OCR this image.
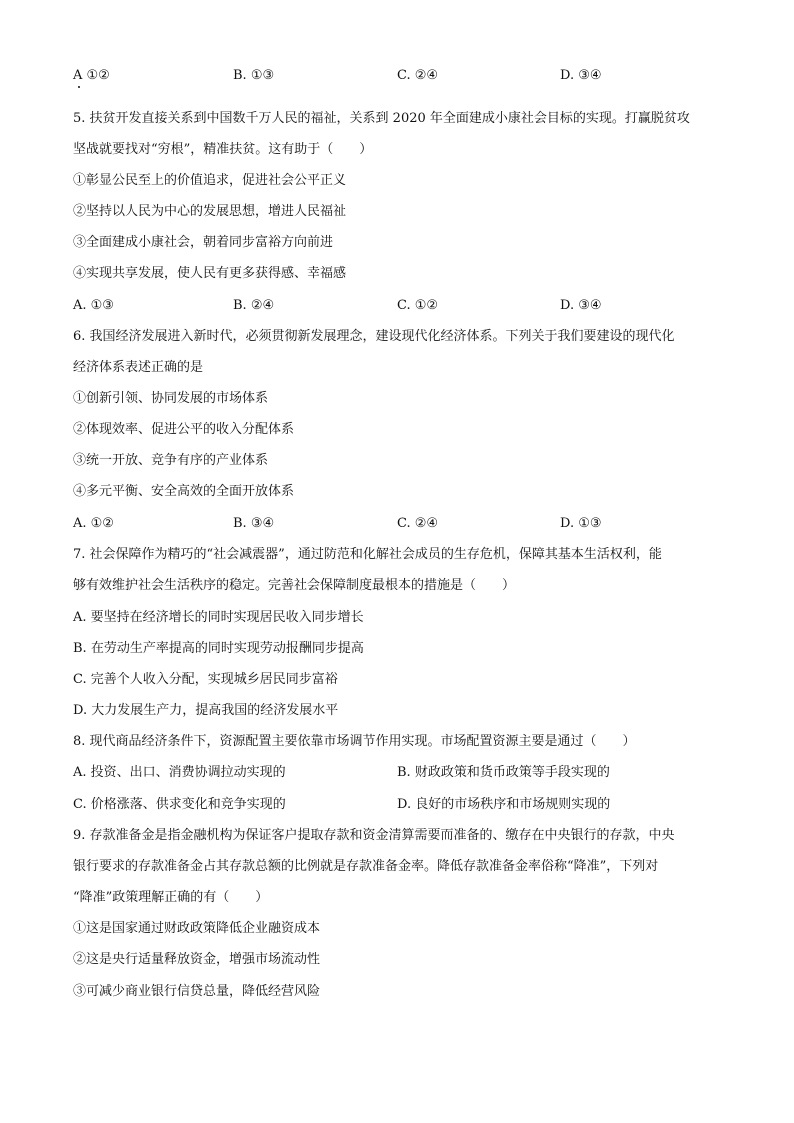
A ①②	B. ①③	C. ②④	D. ③④
5. 扶贫开发直接关系到中国数千万人民的福祉，关系到 2020 年全面建成小康社会目标的实现。打赢脱贫攻
坚战就要找对“穷根”，精准扶贫。这有助于（　　）
①彰显公民至上的价值追求，促进社会公平正义
②坚持以人民为中心的发展思想，增进人民福祉
③全面建成小康社会，朝着同步富裕方向前进
④实现共享发展，使人民有更多获得感、幸福感
A. ①③	B. ②④	C. ①②	D. ③④
6. 我国经济发展进入新时代，必须贯彻新发展理念，建设现代化经济体系。下列关于我们要建设的现代化
经济体系表述正确的是
①创新引领、协同发展的市场体系
②体现效率、促进公平的收入分配体系
③统一开放、竞争有序的产业体系
④多元平衡、安全高效的全面开放体系
A. ①②	B. ③④	C. ②④	D. ①③
7. 社会保障作为精巧的“社会减震器”，通过防范和化解社会成员的生存危机，保障其基本生活权利，能
够有效维护社会生活秩序的稳定。完善社会保障制度最根本的措施是（　　）
A. 要坚持在经济增长的同时实现居民收入同步增长
B. 在劳动生产率提高的同时实现劳动报酬同步提高
C. 完善个人收入分配，实现城乡居民同步富裕
D. 大力发展生产力，提高我国的经济发展水平
8. 现代商品经济条件下，资源配置主要依靠市场调节作用实现。市场配置资源主要是通过（　　）
A. 投资、出口、消费协调拉动实现的	B. 财政政策和货币政策等手段实现的
C. 价格涨落、供求变化和竞争实现的	D. 良好的市场秩序和市场规则实现的
9. 存款准备金是指金融机构为保证客户提取存款和资金清算需要而准备的、缴存在中央银行的存款，中央
银行要求的存款准备金占其存款总额的比例就是存款准备金率。降低存款准备金率俗称“降准”，下列对
“降准”政策理解正确的有（　　）
①这是国家通过财政政策降低企业融资成本
②这是央行适量释放资金，增强市场流动性
③可减少商业银行信贷总量，降低经营风险
